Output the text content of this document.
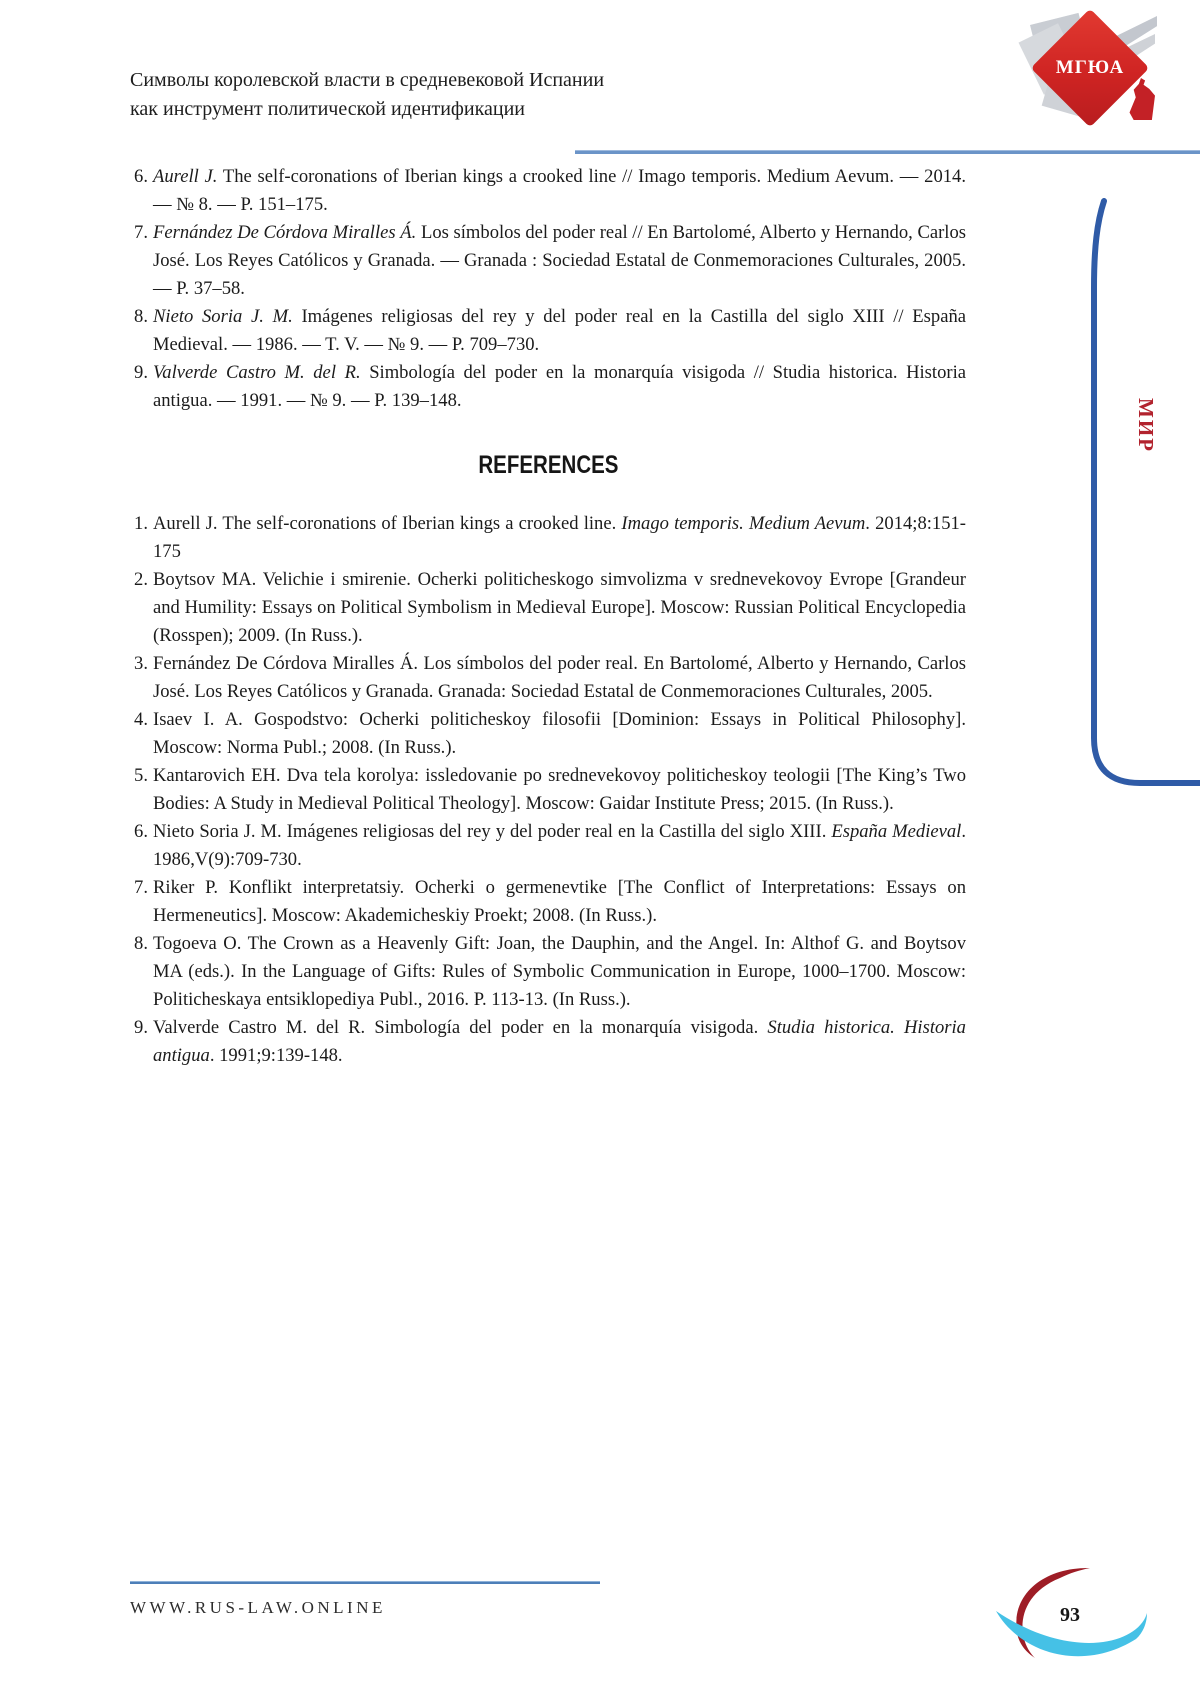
Символы королевской власти в средневековой Испании
как инструмент политической идентификации
МГЮА
6. Aurell J. The self-coronations of Iberian kings a crooked line // Imago temporis. Medium Aevum. — 2014. — № 8. — P. 151–175.
7. Fernández De Córdova Miralles Á. Los símbolos del poder real // En Bartolomé, Alberto y Hernando, Carlos José. Los Reyes Católicos y Granada. — Granada : Sociedad Estatal de Conmemoraciones Culturales, 2005. — P. 37–58.
8. Nieto Soria J. M. Imágenes religiosas del rey y del poder real en la Castilla del siglo XIII // España Medieval. — 1986. — T. V. — № 9. — P. 709–730.
9. Valverde Castro M. del R. Simbología del poder en la monarquía visigoda // Studia historica. Historia antigua. — 1991. — № 9. — P. 139–148.
REFERENCES
1. Aurell J. The self-coronations of Iberian kings a crooked line. Imago temporis. Medium Aevum. 2014;8:151-175
2. Boytsov MA. Velichie i smirenie. Ocherki politicheskogo simvolizma v srednevekovoy Evrope [Grandeur and Humility: Essays on Political Symbolism in Medieval Europe]. Moscow: Russian Political Encyclopedia (Rosspen); 2009. (In Russ.).
3. Fernández De Córdova Miralles Á. Los símbolos del poder real. En Bartolomé, Alberto y Hernando, Carlos José. Los Reyes Católicos y Granada. Granada: Sociedad Estatal de Conmemoraciones Culturales, 2005.
4. Isaev I. A. Gospodstvo: Ocherki politicheskoy filosofii [Dominion: Essays in Political Philosophy]. Moscow: Norma Publ.; 2008. (In Russ.).
5. Kantarovich EH. Dva tela korolya: issledovanie po srednevekovoy politicheskoy teologii [The King’s Two Bodies: A Study in Medieval Political Theology]. Moscow: Gaidar Institute Press; 2015. (In Russ.).
6. Nieto Soria J. M. Imágenes religiosas del rey y del poder real en la Castilla del siglo XIII. España Medieval. 1986,V(9):709-730.
7. Riker P. Konflikt interpretatsiy. Ocherki o germenevtike [The Conflict of Interpretations: Essays on Hermeneutics]. Moscow: Akademicheskiy Proekt; 2008. (In Russ.).
8. Togoeva O. The Crown as a Heavenly Gift: Joan, the Dauphin, and the Angel. In: Althof G. and Boytsov MA (eds.). In the Language of Gifts: Rules of Symbolic Communication in Europe, 1000–1700. Moscow: Politicheskaya entsiklopediya Publ., 2016. P. 113-13. (In Russ.).
9. Valverde Castro M. del R. Simbología del poder en la monarquía visigoda. Studia historica. Historia antigua. 1991;9:139-148.
МИР
WWW.RUS-LAW.ONLINE	93
